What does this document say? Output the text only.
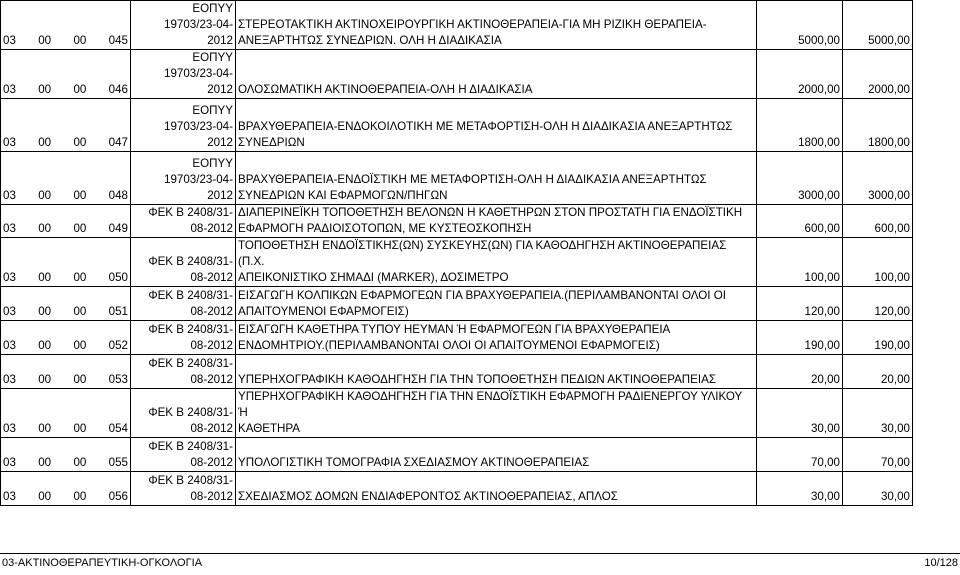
03 00 00 045	ΕΟΠΥΥ
19703/23-04-
2012	ΣΤΕΡΕΟΤΑΚΤΙΚΗ ΑΚΤΙΝΟΧΕΙΡΟΥΡΓΙΚΗ ΑΚΤΙΝΟΘΕΡΑΠΕΙΑ-ΓΙΑ ΜΗ ΡΙΖΙΚΗ ΘΕΡΑΠΕΙΑ-
ΑΝΕΞΑΡΤΗΤΩΣ ΣΥΝΕΔΡΙΩΝ. ΟΛΗ Η ΔΙΑΔΙΚΑΣΙΑ	5000,00	5000,00

03 00 00 046	ΕΟΠΥΥ
19703/23-04-
2012	ΟΛΟΣΩΜΑΤΙΚΗ ΑΚΤΙΝΟΘΕΡΑΠΕΙΑ-ΟΛΗ Η ΔΙΑΔΙΚΑΣΙΑ	2000,00	2000,00

03 00 00 047	ΕΟΠΥΥ
19703/23-04-
2012	ΒΡΑΧΥΘΕΡΑΠΕΙΑ-ΕΝΔΟΚΟΙΛΟΤΙΚΗ ΜΕ ΜΕΤΑΦΟΡΤΙΣΗ-ΟΛΗ Η ΔΙΑΔΙΚΑΣΙΑ ΑΝΕΞΑΡΤΗΤΩΣ
ΣΥΝΕΔΡΙΩΝ	1800,00	1800,00

03 00 00 048	ΕΟΠΥΥ
19703/23-04-
2012	ΒΡΑΧΥΘΕΡΑΠΕΙΑ-ΕΝΔΟΪΣΤΙΚΗ ΜΕ ΜΕΤΑΦΟΡΤΙΣΗ-ΟΛΗ Η ΔΙΑΔΙΚΑΣΙΑ ΑΝΕΞΑΡΤΗΤΩΣ
ΣΥΝΕΔΡΙΩΝ ΚΑΙ ΕΦΑΡΜΟΓΩΝ/ΠΗΓΩΝ	3000,00	3000,00

03 00 00 049	ΦΕΚ Β 2408/31-
08-2012	ΔΙΑΠΕΡΙΝΕΪΚΗ ΤΟΠΟΘΕΤΗΣΗ ΒΕΛΟΝΩΝ Η ΚΑΘΕΤΗΡΩΝ ΣΤΟΝ ΠΡΟΣΤΑΤΗ ΓΙΑ ΕΝΔΟΪΣΤΙΚΗ
ΕΦΑΡΜΟΓΗ ΡΑΔΙΟΙΣΟΤΟΠΩΝ, ΜΕ ΚΥΣΤΕΟΣΚΟΠΗΣΗ	600,00	600,00

03 00 00 050	ΦΕΚ Β 2408/31-
08-2012	ΤΟΠΟΘΕΤΗΣΗ ΕΝΔΟΪΣΤΙΚΗΣ(ΩΝ) ΣΥΣΚΕΥΗΣ(ΩΝ) ΓΙΑ ΚΑΘΟΔΗΓΗΣΗ ΑΚΤΙΝΟΘΕΡΑΠΕΙΑΣ (Π.Χ.
ΑΠΕΙΚΟΝΙΣΤΙΚΟ ΣΗΜΑΔΙ (MARKER), ΔΟΣΙΜΕΤΡΟ	100,00	100,00

03 00 00 051	ΦΕΚ Β 2408/31-
08-2012	ΕΙΣΑΓΩΓΗ ΚΟΛΠΙΚΩΝ ΕΦΑΡΜΟΓΕΩΝ ΓΙΑ ΒΡΑΧΥΘΕΡΑΠΕΙΑ.(ΠΕΡΙΛΑΜΒΑΝΟΝΤΑΙ ΟΛΟΙ ΟΙ
ΑΠΑΙΤΟΥΜΕΝΟΙ ΕΦΑΡΜΟΓΕΙΣ)	120,00	120,00

03 00 00 052	ΦΕΚ Β 2408/31-
08-2012	ΕΙΣΑΓΩΓΗ ΚΑΘΕΤΗΡΑ ΤΥΠΟΥ ΗΕΥΜΑΝ Ή ΕΦΑΡΜΟΓΕΩΝ ΓΙΑ ΒΡΑΧΥΘΕΡΑΠΕΙΑ
ΕΝΔΟΜΗΤΡΙΟΥ.(ΠΕΡΙΛΑΜΒΑΝΟΝΤΑΙ ΟΛΟΙ ΟΙ ΑΠΑΙΤΟΥΜΕΝΟΙ ΕΦΑΡΜΟΓΕΙΣ)	190,00	190,00

03 00 00 053	ΦΕΚ Β 2408/31-
08-2012	ΥΠΕΡΗΧΟΓΡΑΦΙΚΗ ΚΑΘΟΔΗΓΗΣΗ ΓΙΑ ΤΗΝ ΤΟΠΟΘΕΤΗΣΗ ΠΕΔΙΩΝ ΑΚΤΙΝΟΘΕΡΑΠΕΙΑΣ	20,00	20,00

03 00 00 054	ΦΕΚ Β 2408/31-
08-2012	ΥΠΕΡΗΧΟΓΡΑΦΙΚΗ ΚΑΘΟΔΗΓΗΣΗ ΓΙΑ ΤΗΝ ΕΝΔΟΪΣΤΙΚΗ ΕΦΑΡΜΟΓΗ ΡΑΔΙΕΝΕΡΓΟΥ ΥΛΙΚΟΥ Ή
ΚΑΘΕΤΗΡΑ	30,00	30,00

03 00 00 055	ΦΕΚ Β 2408/31-
08-2012	ΥΠΟΛΟΓΙΣΤΙΚΗ ΤΟΜΟΓΡΑΦΙΑ ΣΧΕΔΙΑΣΜΟΥ ΑΚΤΙΝΟΘΕΡΑΠΕΙΑΣ	70,00	70,00

03 00 00 056	ΦΕΚ Β 2408/31-
08-2012	ΣΧΕΔΙΑΣΜΟΣ ΔΟΜΩΝ ΕΝΔΙΑΦΕΡΟΝΤΟΣ ΑΚΤΙΝΟΘΕΡΑΠΕΙΑΣ, ΑΠΛΟΣ	30,00	30,00
03-ΑΚΤΙΝΟΘΕΡΑΠΕΥΤΙΚΗ-ΟΓΚΟΛΟΓΙΑ	10/128
